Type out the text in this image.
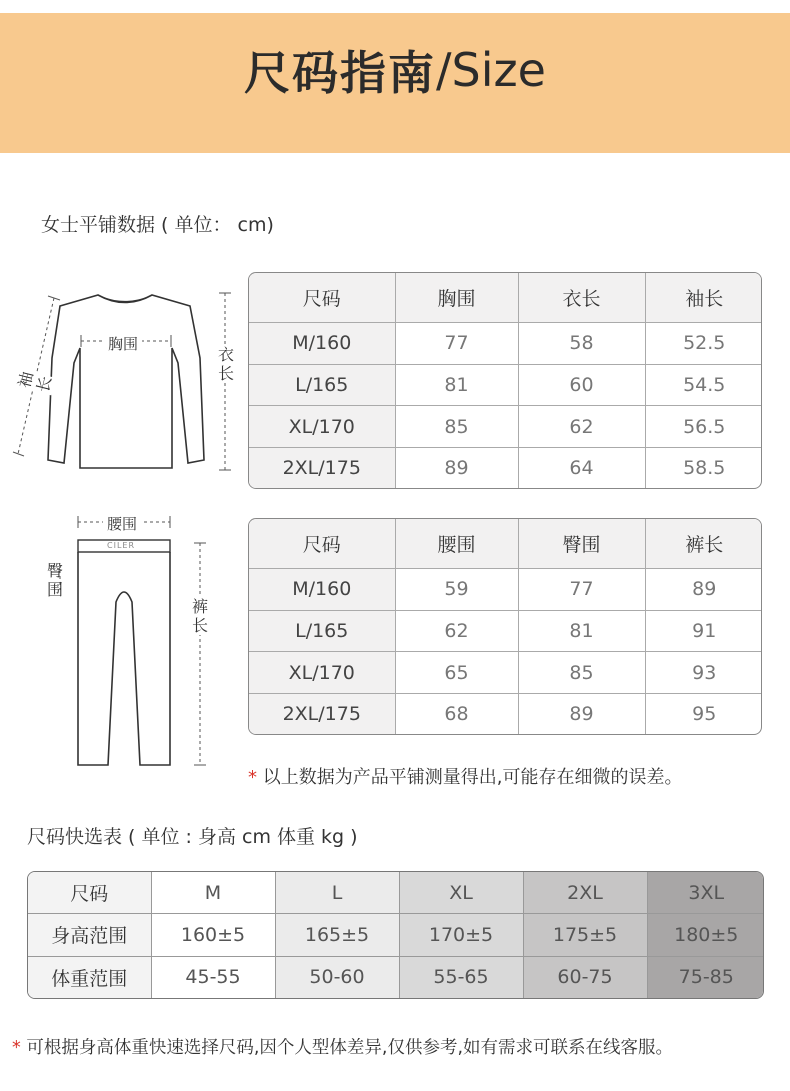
尺码指南 /Size
女士平铺数据 ( 单位： cm)
胸围
衣长
袖长
尺码	胸围	衣长	袖长
M/160	77	58	52.5
L/165	81	60	54.5
XL/170	85	62	56.5
2XL/175	89	64	58.5
腰围
CILER
臀围
裤长
尺码	腰围	臀围	裤长
M/160	59	77	89
L/165	62	81	91
XL/170	65	85	93
2XL/175	68	89	95
* 以上数据为产品平铺测量得出,可能存在细微的误差。
尺码快选表 ( 单位 : 身高 cm 体重 kg )
尺码	M	L	XL	2XL	3XL
身高范围	160±5	165±5	170±5	175±5	180±5
体重范围	45-55	50-60	55-65	60-75	75-85
* 可根据身高体重快速选择尺码,因个人型体差异,仅供参考,如有需求可联系在线客服。
